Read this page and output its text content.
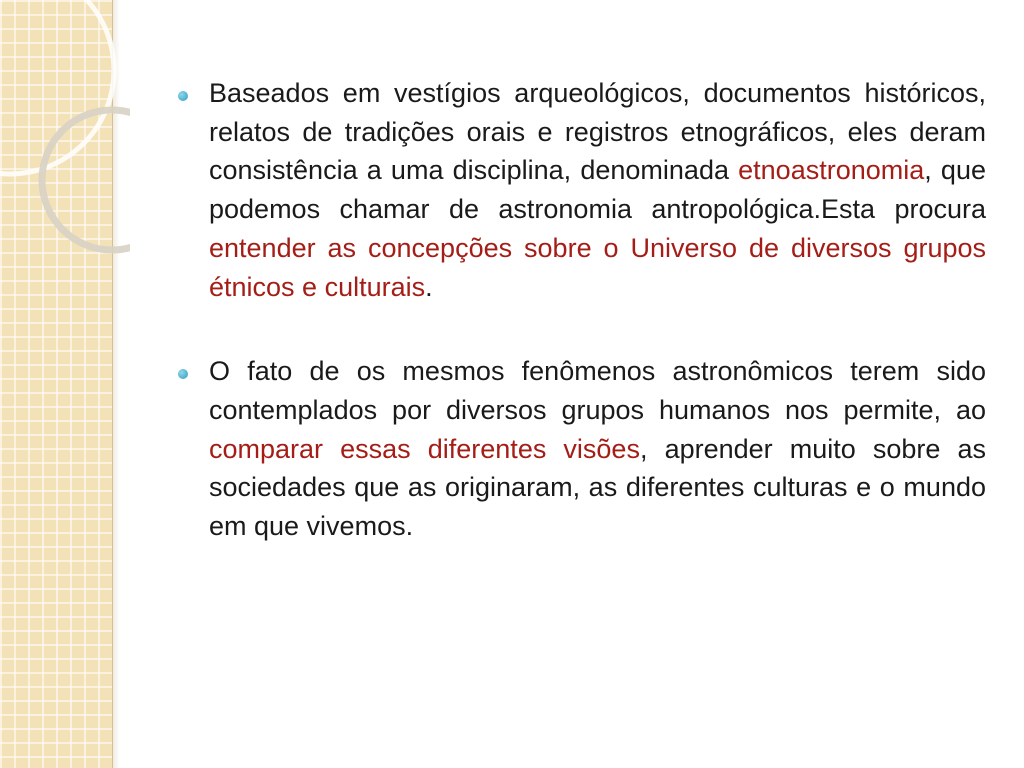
Baseados em vestígios arqueológicos, documentos históricos, relatos de tradições orais e registros etnográficos, eles deram consistência a uma disciplina, denominada etnoastronomia, que podemos chamar de astronomia antropológica.Esta procura entender as concepções sobre o Universo de diversos grupos étnicos e culturais.

O fato de os mesmos fenômenos astronômicos terem sido contemplados por diversos grupos humanos nos permite, ao comparar essas diferentes visões, aprender muito sobre as sociedades que as originaram, as diferentes culturas e o mundo em que vivemos.
